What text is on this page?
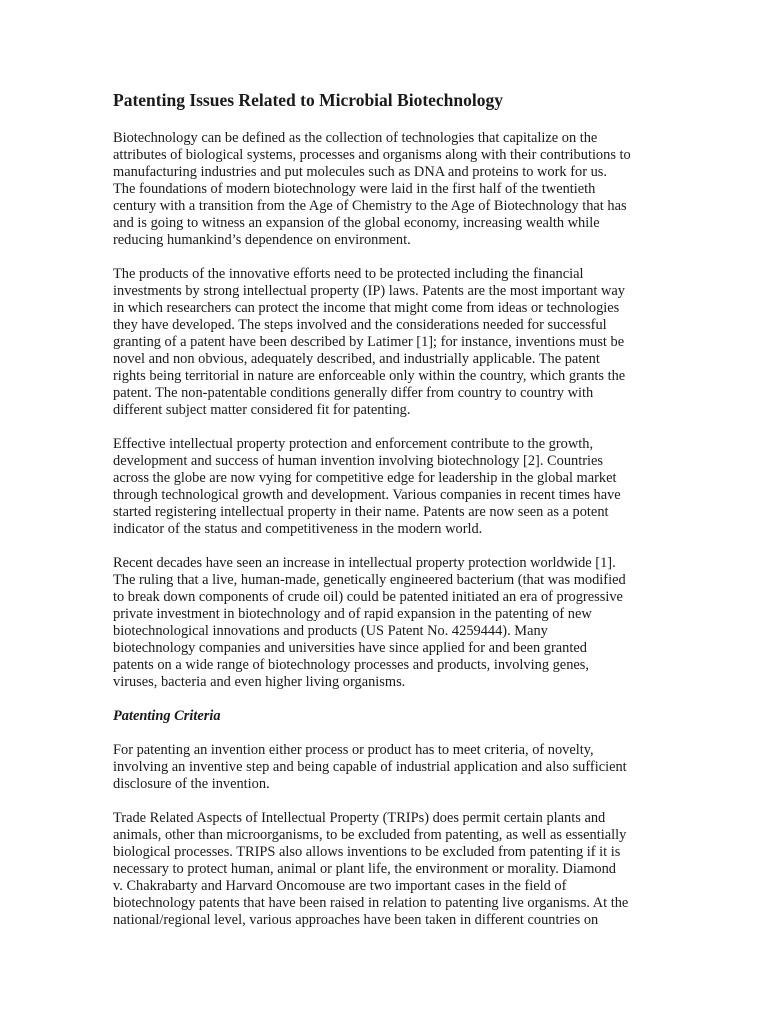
Patenting Issues Related to Microbial Biotechnology

Biotechnology can be defined as the collection of technologies that capitalize on the
attributes of biological systems, processes and organisms along with their contributions to
manufacturing industries and put molecules such as DNA and proteins to work for us.
The foundations of modern biotechnology were laid in the first half of the twentieth
century with a transition from the Age of Chemistry to the Age of Biotechnology that has
and is going to witness an expansion of the global economy, increasing wealth while
reducing humankind’s dependence on environment.

The products of the innovative efforts need to be protected including the financial
investments by strong intellectual property (IP) laws. Patents are the most important way
in which researchers can protect the income that might come from ideas or technologies
they have developed. The steps involved and the considerations needed for successful
granting of a patent have been described by Latimer [1]; for instance, inventions must be
novel and non obvious, adequately described, and industrially applicable. The patent
rights being territorial in nature are enforceable only within the country, which grants the
patent. The non-patentable conditions generally differ from country to country with
different subject matter considered fit for patenting.

Effective intellectual property protection and enforcement contribute to the growth,
development and success of human invention involving biotechnology [2]. Countries
across the globe are now vying for competitive edge for leadership in the global market
through technological growth and development. Various companies in recent times have
started registering intellectual property in their name. Patents are now seen as a potent
indicator of the status and competitiveness in the modern world.

Recent decades have seen an increase in intellectual property protection worldwide [1].
The ruling that a live, human-made, genetically engineered bacterium (that was modified
to break down components of crude oil) could be patented initiated an era of progressive
private investment in biotechnology and of rapid expansion in the patenting of new
biotechnological innovations and products (US Patent No. 4259444). Many
biotechnology companies and universities have since applied for and been granted
patents on a wide range of biotechnology processes and products, involving genes,
viruses, bacteria and even higher living organisms.

Patenting Criteria

For patenting an invention either process or product has to meet criteria, of novelty,
involving an inventive step and being capable of industrial application and also sufficient
disclosure of the invention.

Trade Related Aspects of Intellectual Property (TRIPs) does permit certain plants and
animals, other than microorganisms, to be excluded from patenting, as well as essentially
biological processes. TRIPS also allows inventions to be excluded from patenting if it is
necessary to protect human, animal or plant life, the environment or morality. Diamond
v. Chakrabarty and Harvard Oncomouse are two important cases in the field of
biotechnology patents that have been raised in relation to patenting live organisms. At the
national/regional level, various approaches have been taken in different countries on
